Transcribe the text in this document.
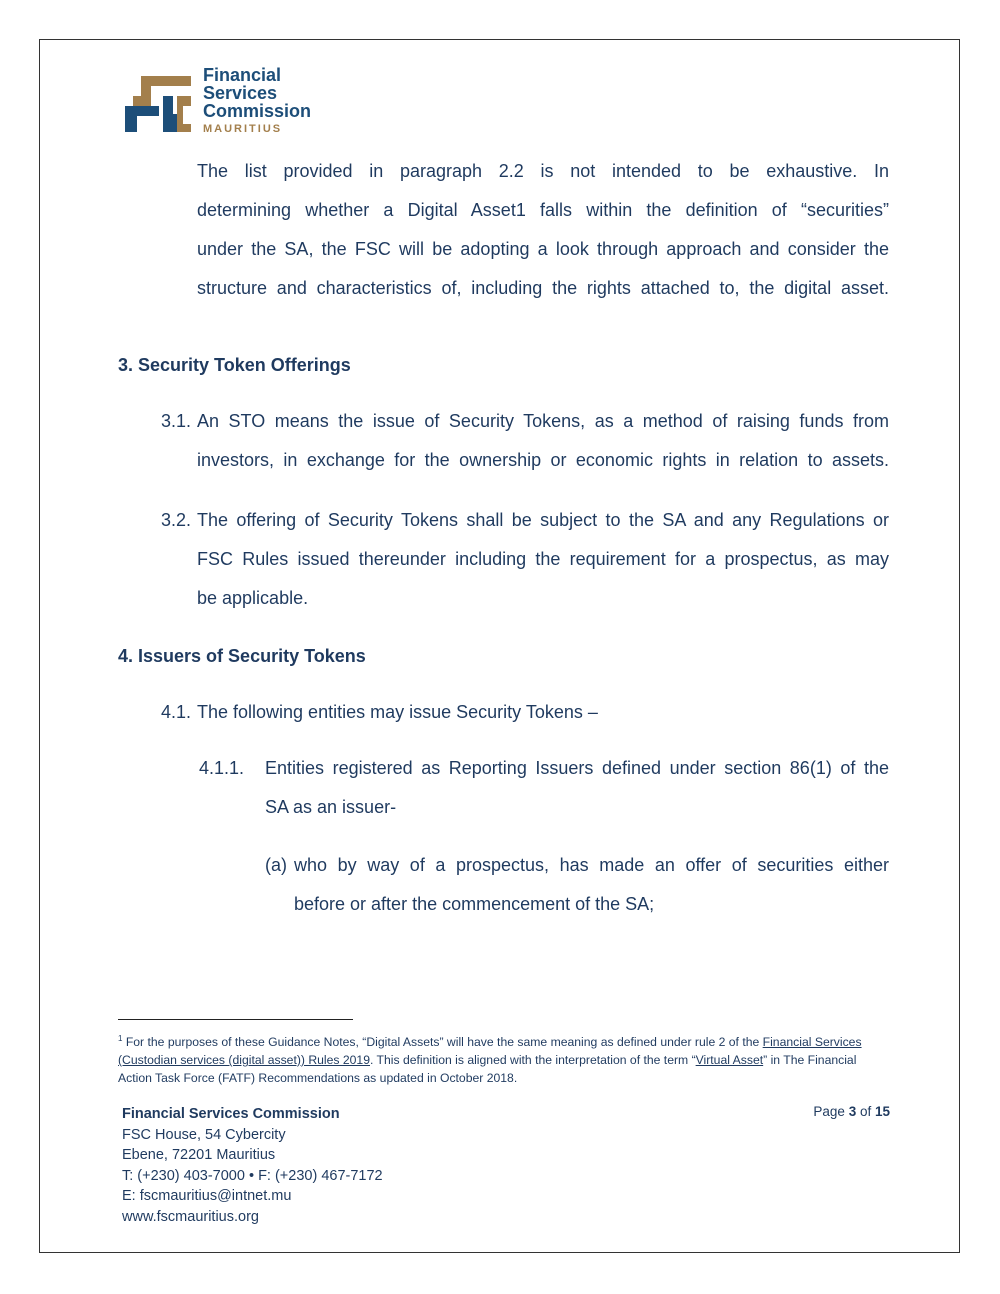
Financial
Services
Commission
MAURITIUS
The list provided in paragraph 2.2 is not intended to be exhaustive. In
determining whether a Digital Asset1 falls within the definition of “securities”
under the SA, the FSC will be adopting a look through approach and consider the
structure and characteristics of, including the rights attached to, the digital asset.
3. Security Token Offerings
3.1. An STO means the issue of Security Tokens, as a method of raising funds from
investors, in exchange for the ownership or economic rights in relation to assets.
3.2. The offering of Security Tokens shall be subject to the SA and any Regulations or
FSC Rules issued thereunder including the requirement for a prospectus, as may
be applicable.
4. Issuers of Security Tokens
4.1. The following entities may issue Security Tokens –
4.1.1. Entities registered as Reporting Issuers defined under section 86(1) of the
SA as an issuer-
(a) who by way of a prospectus, has made an offer of securities either
before or after the commencement of the SA;
$^1$ For the purposes of these Guidance Notes, “Digital Assets” will have the same meaning as defined under rule 2 of the Financial Services (Custodian services (digital asset)) Rules 2019. This definition is aligned with the interpretation of the term “Virtual Asset” in The Financial Action Task Force (FATF) Recommendations as updated in October 2018.
Financial Services Commission
FSC House, 54 Cybercity
Ebene, 72201 Mauritius
T: (+230) 403-7000 • F: (+230) 467-7172
E: fscmauritius@intnet.mu
www.fscmauritius.org
Page 3 of 15
